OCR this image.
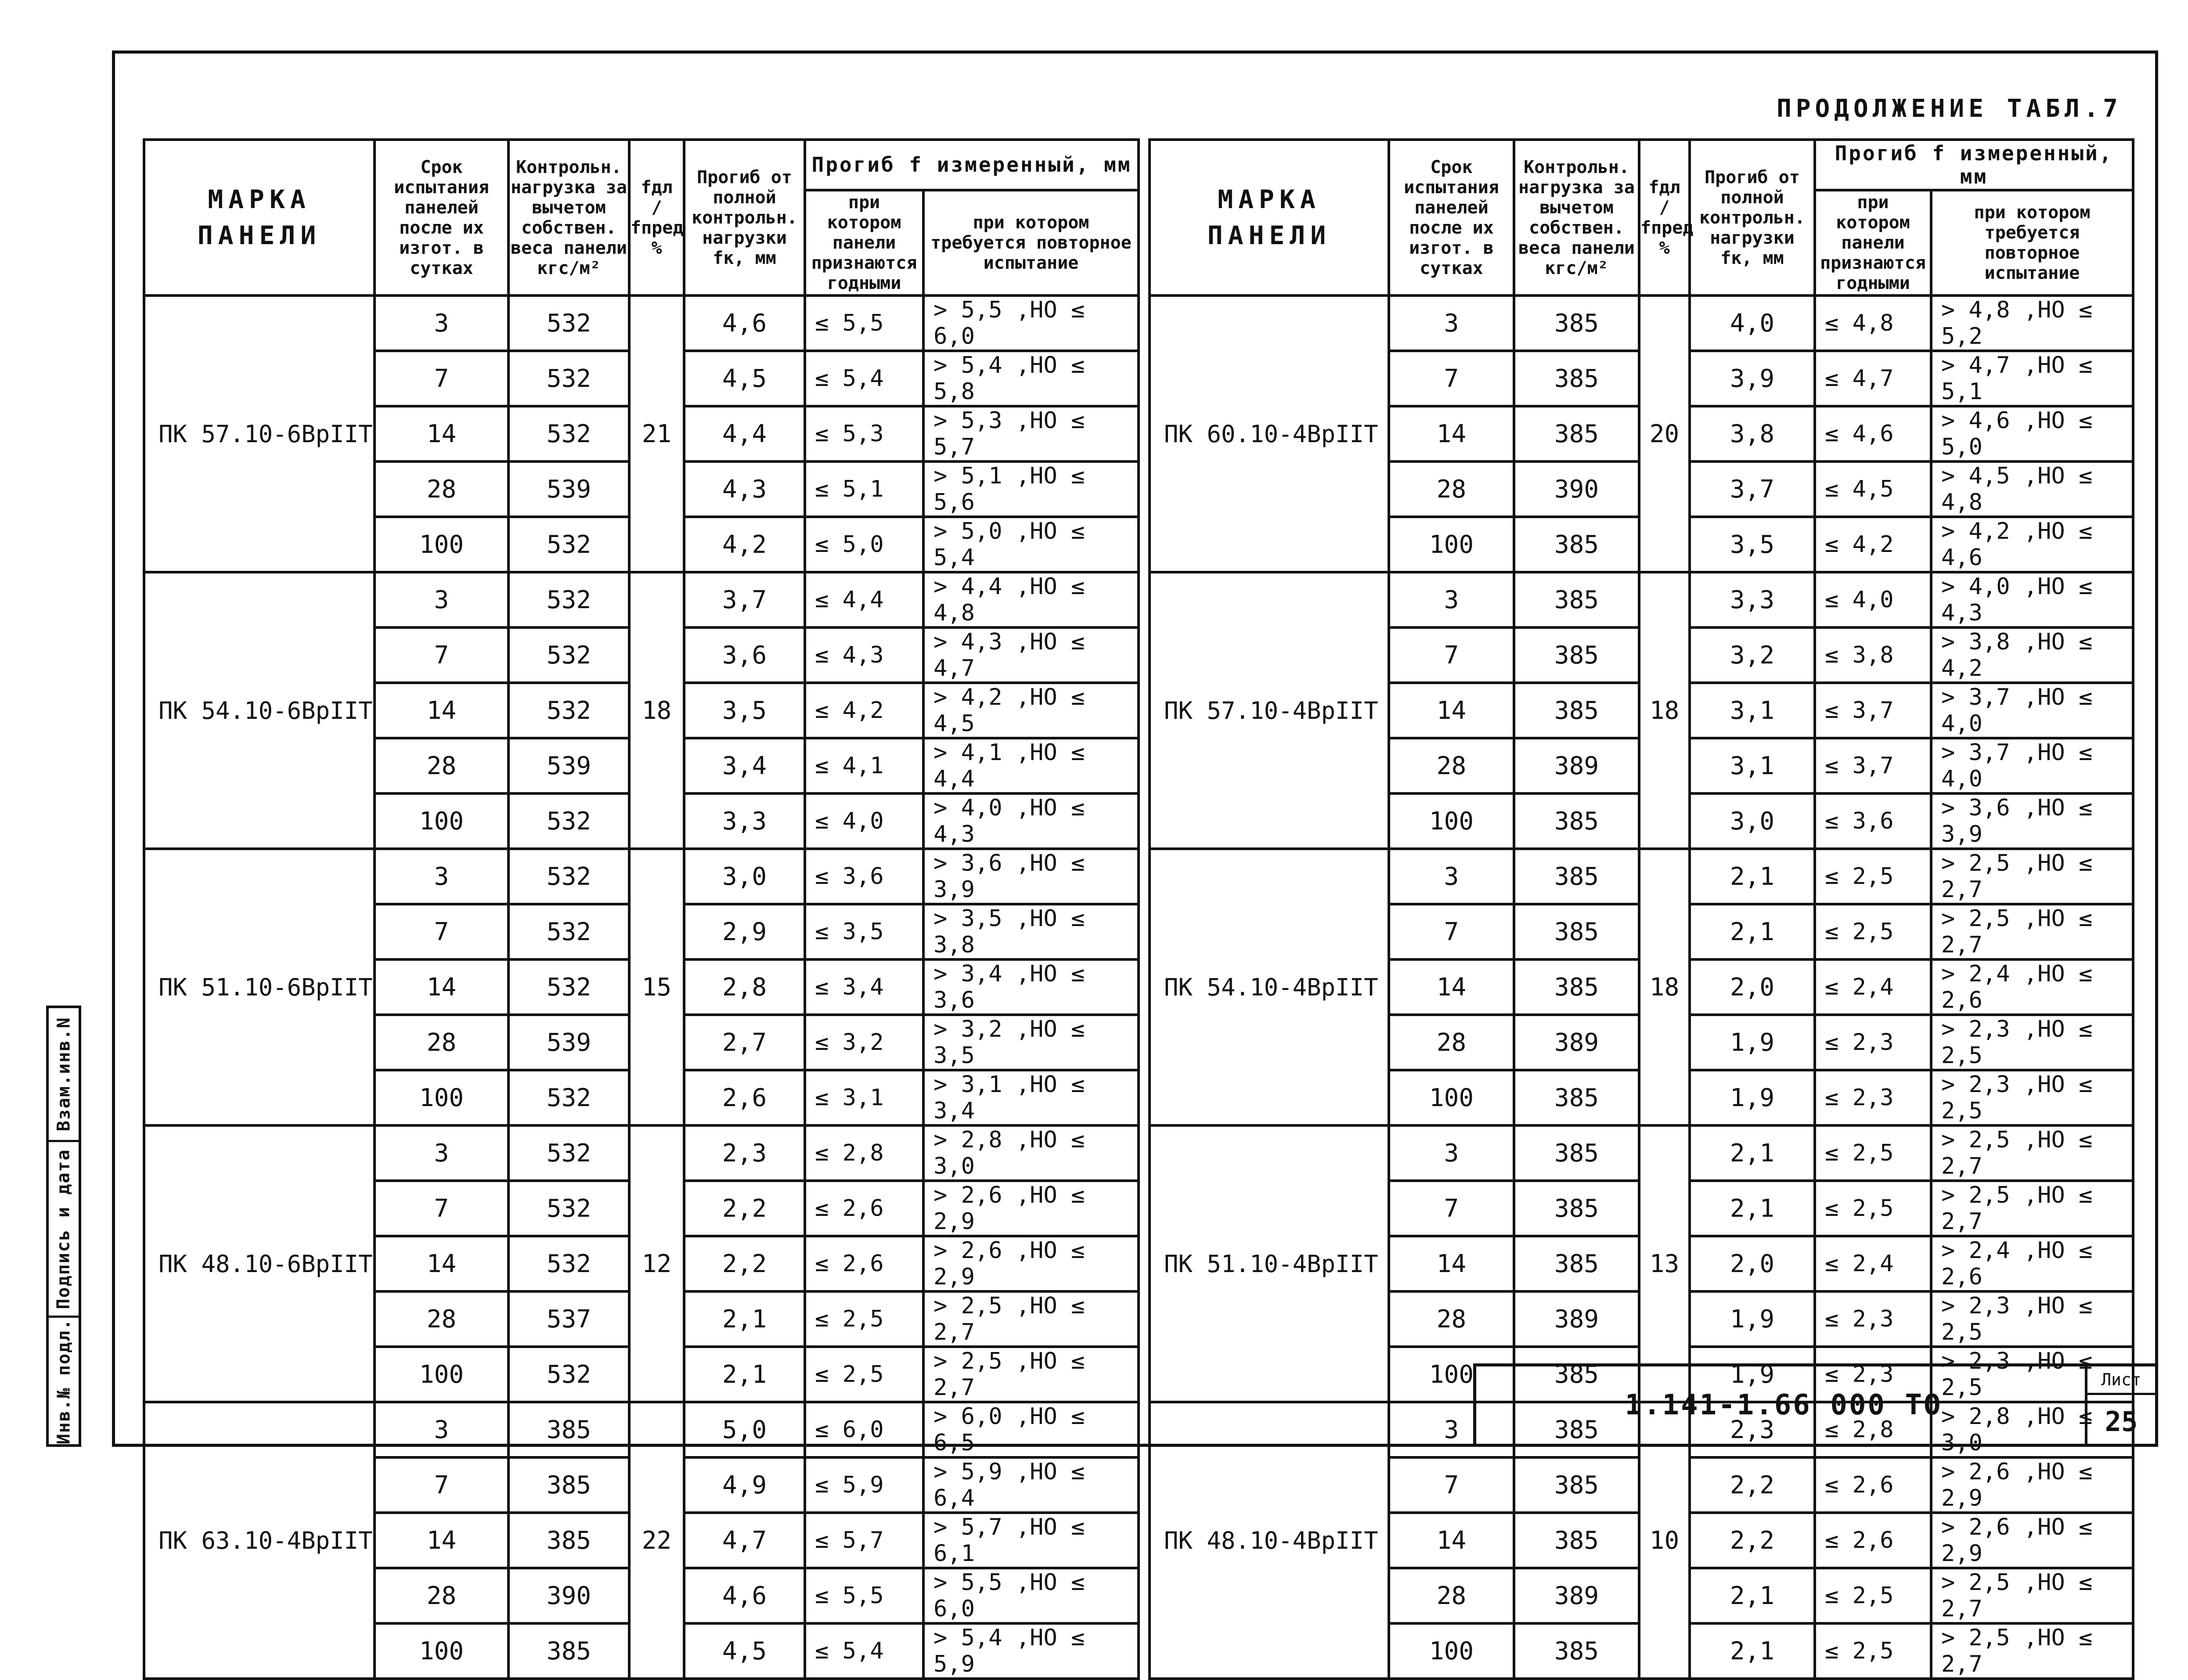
Взам.инв.N
Подпись и дата
Инв.№ подл.
ПРОДОЛЖЕНИЕ ТАБЛ.7
МАРКА ПАНЕЛИ	Срок испытания панелей после их изгот. в сутках	Контрольн. нагрузка за вычетом собствен. веса панели кгс/м²	fдл / fпред %	Прогиб от полной контрольн. нагрузки fк, мм	Прогиб f измеренный, мм	
					при котором панели признаются годными	при котором требуется повторное испытание
ПК 57.10-6ВрIIТ	3	532	21	4,6	≤ 5,5	> 5,5 ,НО ≤ 6,0
	7	532		4,5	≤ 5,4	> 5,4 ,НО ≤ 5,8
	14	532		4,4	≤ 5,3	> 5,3 ,НО ≤ 5,7
	28	539		4,3	≤ 5,1	> 5,1 ,НО ≤ 5,6
	100	532		4,2	≤ 5,0	> 5,0 ,НО ≤ 5,4
ПК 54.10-6ВрIIТ	3	532	18	3,7	≤ 4,4	> 4,4 ,НО ≤ 4,8
	7	532		3,6	≤ 4,3	> 4,3 ,НО ≤ 4,7
	14	532		3,5	≤ 4,2	> 4,2 ,НО ≤ 4,5
	28	539		3,4	≤ 4,1	> 4,1 ,НО ≤ 4,4
	100	532		3,3	≤ 4,0	> 4,0 ,НО ≤ 4,3
ПК 51.10-6ВрIIТ	3	532	15	3,0	≤ 3,6	> 3,6 ,НО ≤ 3,9
	7	532		2,9	≤ 3,5	> 3,5 ,НО ≤ 3,8
	14	532		2,8	≤ 3,4	> 3,4 ,НО ≤ 3,6
	28	539		2,7	≤ 3,2	> 3,2 ,НО ≤ 3,5
	100	532		2,6	≤ 3,1	> 3,1 ,НО ≤ 3,4
ПК 48.10-6ВрIIТ	3	532	12	2,3	≤ 2,8	> 2,8 ,НО ≤ 3,0
	7	532		2,2	≤ 2,6	> 2,6 ,НО ≤ 2,9
	14	532		2,2	≤ 2,6	> 2,6 ,НО ≤ 2,9
	28	537		2,1	≤ 2,5	> 2,5 ,НО ≤ 2,7
	100	532		2,1	≤ 2,5	> 2,5 ,НО ≤ 2,7
ПК 63.10-4ВрIIТ	3	385	22	5,0	≤ 6,0	> 6,0 ,НО ≤ 6,5
	7	385		4,9	≤ 5,9	> 5,9 ,НО ≤ 6,4
	14	385		4,7	≤ 5,7	> 5,7 ,НО ≤ 6,1
	28	390		4,6	≤ 5,5	> 5,5 ,НО ≤ 6,0
	100	385		4,5	≤ 5,4	> 5,4 ,НО ≤ 5,9
МАРКА ПАНЕЛИ	Срок испытания панелей после их изгот. в сутках	Контрольн. нагрузка за вычетом собствен. веса панели кгс/м²	fдл / fпред %	Прогиб от полной контрольн. нагрузки fк, мм	Прогиб f измеренный, мм	
					при котором панели признаются годными	при котором требуется повторное испытание
ПК 60.10-4ВрIIТ	3	385	20	4,0	≤ 4,8	> 4,8 ,НО ≤ 5,2
	7	385		3,9	≤ 4,7	> 4,7 ,НО ≤ 5,1
	14	385		3,8	≤ 4,6	> 4,6 ,НО ≤ 5,0
	28	390		3,7	≤ 4,5	> 4,5 ,НО ≤ 4,8
	100	385		3,5	≤ 4,2	> 4,2 ,НО ≤ 4,6
ПК 57.10-4ВрIIТ	3	385	18	3,3	≤ 4,0	> 4,0 ,НО ≤ 4,3
	7	385		3,2	≤ 3,8	> 3,8 ,НО ≤ 4,2
	14	385		3,1	≤ 3,7	> 3,7 ,НО ≤ 4,0
	28	389		3,1	≤ 3,7	> 3,7 ,НО ≤ 4,0
	100	385		3,0	≤ 3,6	> 3,6 ,НО ≤ 3,9
ПК 54.10-4ВрIIТ	3	385	18	2,1	≤ 2,5	> 2,5 ,НО ≤ 2,7
	7	385		2,1	≤ 2,5	> 2,5 ,НО ≤ 2,7
	14	385		2,0	≤ 2,4	> 2,4 ,НО ≤ 2,6
	28	389		1,9	≤ 2,3	> 2,3 ,НО ≤ 2,5
	100	385		1,9	≤ 2,3	> 2,3 ,НО ≤ 2,5
ПК 51.10-4ВрIIТ	3	385	13	2,1	≤ 2,5	> 2,5 ,НО ≤ 2,7
	7	385		2,1	≤ 2,5	> 2,5 ,НО ≤ 2,7
	14	385		2,0	≤ 2,4	> 2,4 ,НО ≤ 2,6
	28	389		1,9	≤ 2,3	> 2,3 ,НО ≤ 2,5
	100	385		1,9	≤ 2,3	> 2,3 ,НО ≤ 2,5
ПК 48.10-4ВрIIТ	3	385	10	2,3	≤ 2,8	> 2,8 ,НО ≤ 3,0
	7	385		2,2	≤ 2,6	> 2,6 ,НО ≤ 2,9
	14	385		2,2	≤ 2,6	> 2,6 ,НО ≤ 2,9
	28	389		2,1	≤ 2,5	> 2,5 ,НО ≤ 2,7
	100	385		2,1	≤ 2,5	> 2,5 ,НО ≤ 2,7
1.141-1.66 000 ТО
Лист
25
